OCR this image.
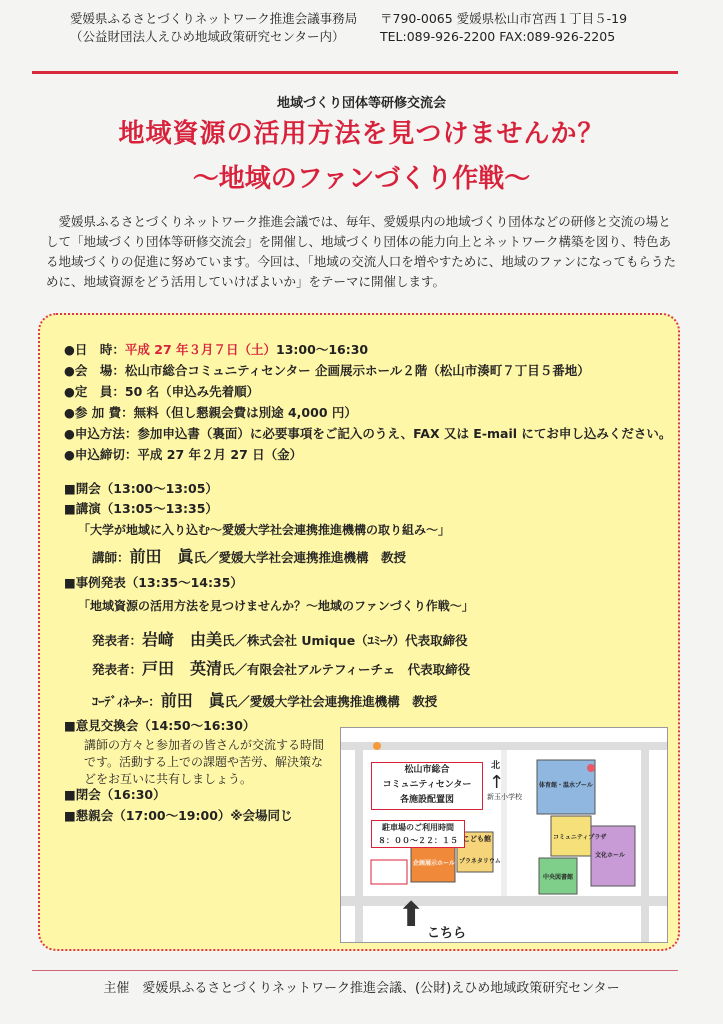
愛媛県ふるさとづくりネットワーク推進会議事務局
（公益財団法人えひめ地域政策研究センター内）
〒790-0065 愛媛県松山市宮西１丁目５-19
TEL:089-926-2200 FAX:089-926-2205
地域づくり団体等研修交流会
地域資源の活用方法を見つけませんか？
～地域のファンづくり作戦～

愛媛県ふるさとづくりネットワーク推進会議では、毎年、愛媛県内の地域づくり団体などの研修と交流の場として「地域づくり団体等研修交流会」を開催し、地域づくり団体の能力向上とネットワーク構築を図り、特色ある地域づくりの促進に努めています。今回は、「地域の交流人口を増やすために、地域のファンになってもらうために、地域資源をどう活用していけばよいか」をテーマに開催します。

●日　時：平成 27 年３月７日（土）13:00～16:30
●会　場：松山市総合コミュニティセンター 企画展示ホール２階（松山市湊町７丁目５番地）
●定　員：50 名（申込み先着順）
●参 加 費：無料（但し懇親会費は別途 4,000 円）
●申込方法：参加申込書（裏面）に必要事項をご記入のうえ、FAX 又は E-mail にてお申し込みください。
●申込締切：平成 27 年２月 27 日（金）
■開会（13:00～13:05）
■講演（13:05～13:35）
「大学が地域に入り込む～愛媛大学社会連携推進機構の取り組み～」
講師：前田　眞氏／愛媛大学社会連携推進機構　教授
■事例発表（13:35～14:35）
「地域資源の活用方法を見つけませんか？～地域のファンづくり作戦～」
発表者：岩﨑　由美氏／株式会社 Umique（ﾕﾐｰｸ）代表取締役
発表者：戸田　英清氏／有限会社アルテフィーチェ　代表取締役
ｺｰﾃﾞｨﾈｰﾀｰ：前田　眞氏／愛媛大学社会連携推進機構　教授
■意見交換会（14:50～16:30）
講師の方々と参加者の皆さんが交流する時間です。活動する上での課題や苦労、解決策などをお互いに共有しましょう。
■閉会（16:30）
■懇親会（17:00～19:00）※会場同じ
松山市総合
コミュニティセンター
各施設配置図
駐車場のご利用時間
８：００～２２：１５
北
↑
新玉小学校
こども館
企画展示ホール
体育館・温水プール
コミュニティプラザ
文化ホール
中央図書館
プラネタリウム
⬆ こちら
主催　愛媛県ふるさとづくりネットワーク推進会議、(公財)えひめ地域政策研究センター
